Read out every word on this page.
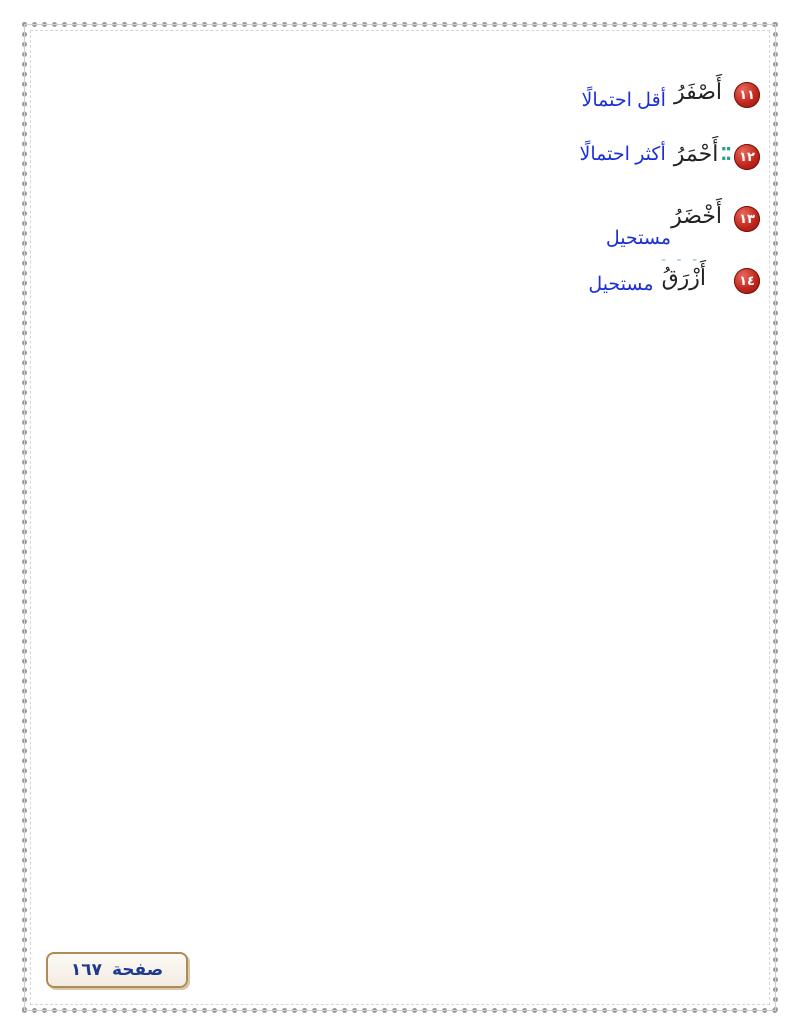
١١
أَصْفَرُ
أقل احتمالًا
١٢
⁚⁚
أَحْمَرُ
أكثر احتمالًا
١٣
أَخْضَرُ
مستحيل
- - -
١٤
أَزْرَقُ
مستحيل
صفحة
١٦٧
